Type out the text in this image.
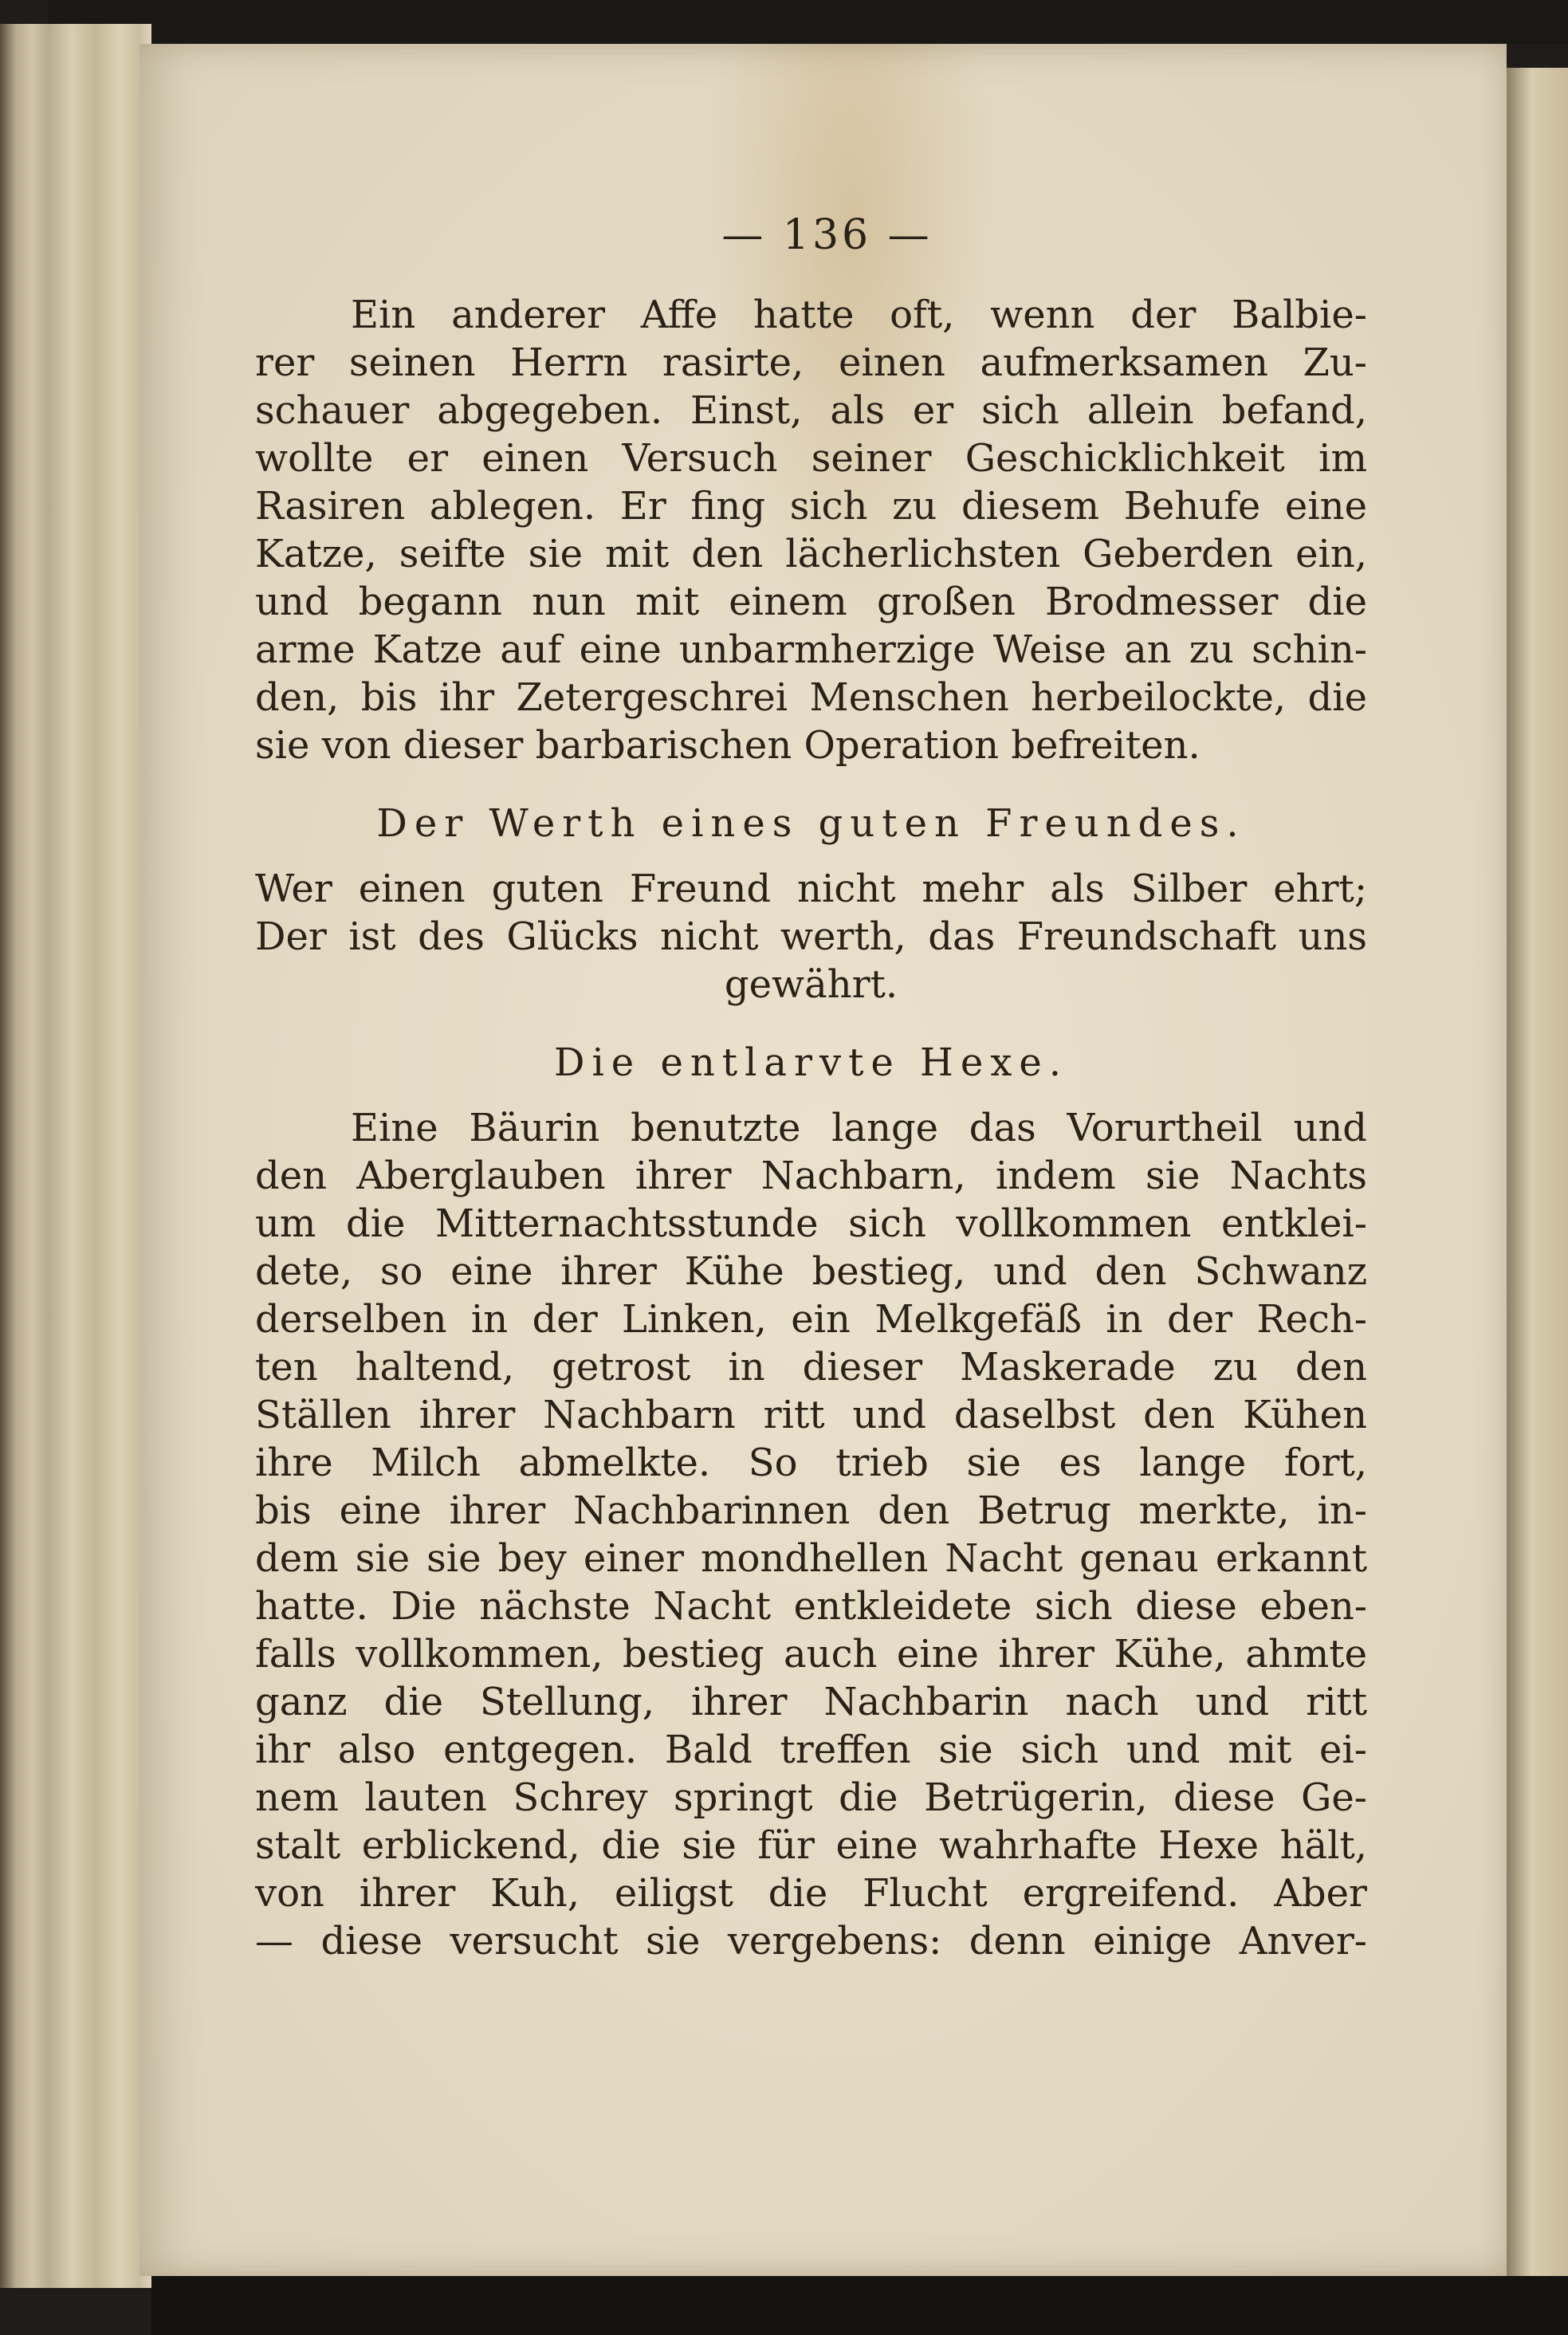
— 136 —
Ein anderer Affe hatte oft, wenn der Balbie-
rer seinen Herrn rasirte, einen aufmerksamen Zu-
schauer abgegeben. Einst, als er sich allein befand,
wollte er einen Versuch seiner Geschicklichkeit im
Rasiren ablegen. Er fing sich zu diesem Behufe eine
Katze, seifte sie mit den lächerlichsten Geberden ein,
und begann nun mit einem großen Brodmesser die
arme Katze auf eine unbarmherzige Weise an zu schin-
den, bis ihr Zetergeschrei Menschen herbeilockte, die
sie von dieser barbarischen Operation befreiten.
Der Werth eines guten Freundes.
Wer einen guten Freund nicht mehr als Silber ehrt;
Der ist des Glücks nicht werth, das Freundschaft uns
gewährt.
Die entlarvte Hexe.
Eine Bäurin benutzte lange das Vorurtheil und
den Aberglauben ihrer Nachbarn, indem sie Nachts
um die Mitternachtsstunde sich vollkommen entklei-
dete, so eine ihrer Kühe bestieg, und den Schwanz
derselben in der Linken, ein Melkgefäß in der Rech-
ten haltend, getrost in dieser Maskerade zu den
Ställen ihrer Nachbarn ritt und daselbst den Kühen
ihre Milch abmelkte. So trieb sie es lange fort,
bis eine ihrer Nachbarinnen den Betrug merkte, in-
dem sie sie bey einer mondhellen Nacht genau erkannt
hatte. Die nächste Nacht entkleidete sich diese eben-
falls vollkommen, bestieg auch eine ihrer Kühe, ahmte
ganz die Stellung, ihrer Nachbarin nach und ritt
ihr also entgegen. Bald treffen sie sich und mit ei-
nem lauten Schrey springt die Betrügerin, diese Ge-
stalt erblickend, die sie für eine wahrhafte Hexe hält,
von ihrer Kuh, eiligst die Flucht ergreifend. Aber
— diese versucht sie vergebens: denn einige Anver-
